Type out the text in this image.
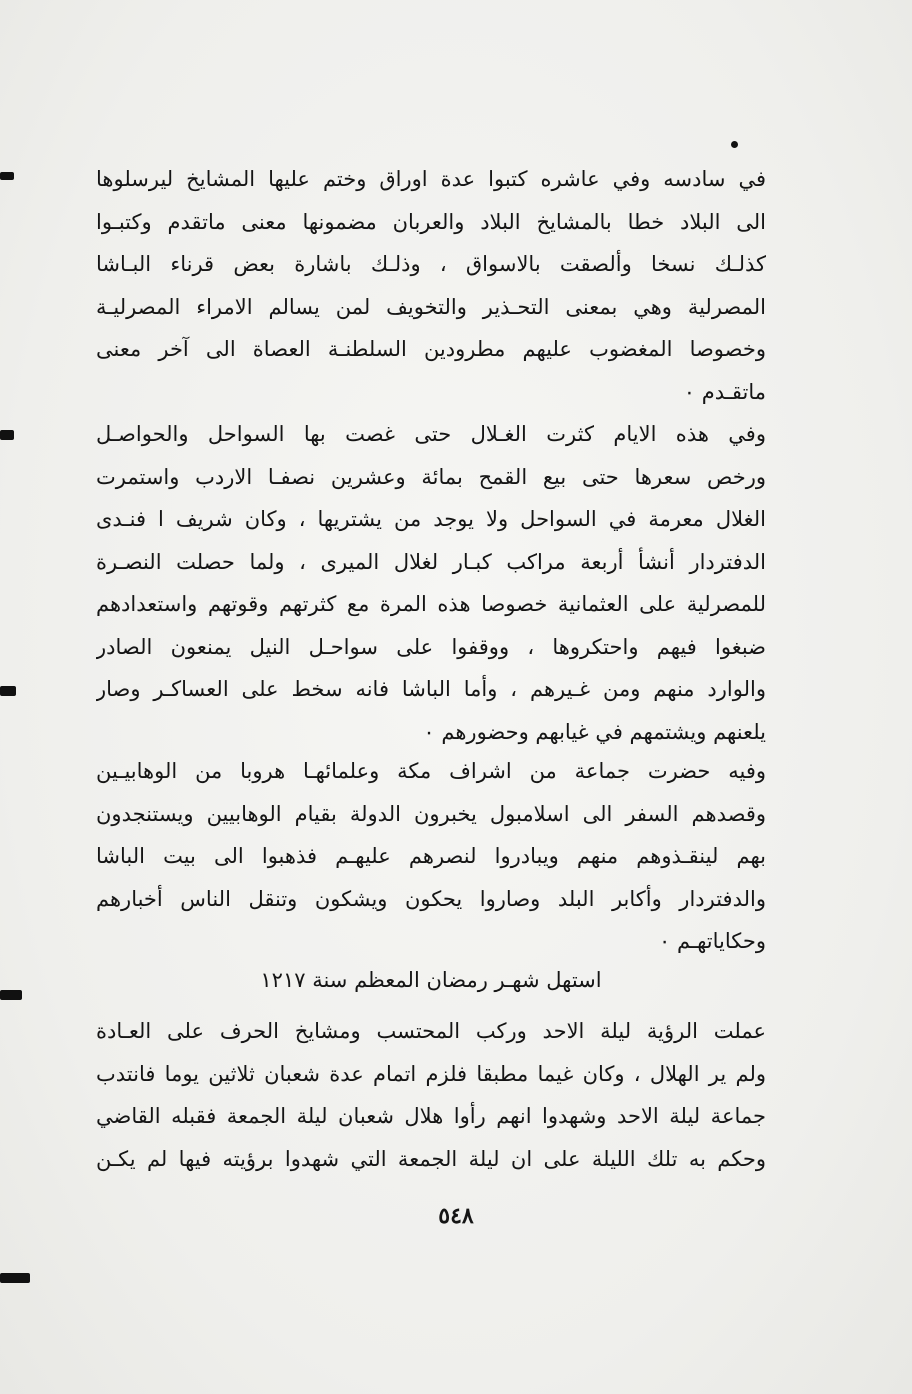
في سادسه وفي عاشره كتبوا عدة اوراق وختم عليها المشايخ ليرسلوها
الى البلاد خطا بالمشايخ البلاد والعربان مضمونها معنى ماتقدم وكتبـوا
كذلـك نسخا وألصقت بالاسواق ، وذلـك باشارة بعض قرناء البـاشا
المصرلية وهي بمعنى التحـذير والتخويف لمن يسالم الامراء المصرليـة
وخصوصا المغضوب عليهم مطرودين السلطنـة العصاة الى آخر معنى
ماتقـدم ٠
وفي هذه الايام كثرت الغـلال حتى غصت بها السواحل والحواصـل
ورخص سعرها حتى بيع القمح بمائة وعشرين نصفـا الاردب واستمرت
الغلال معرمة في السواحل ولا يوجد من يشتريها ، وكان شريف ا فنـدى
الدفتردار أنشأ أربعة مراكب كبـار لغلال الميرى ، ولما حصلت النصـرة
للمصرلية على العثمانية خصوصا هذه المرة مع كثرتهم وقوتهم واستعدادهم
ضبغوا فيهم واحتكروها ، ووقفوا على سواحـل النيل يمنعون الصادر
والوارد منهم ومن غـيرهم ، وأما الباشا فانه سخط على العساكـر وصار
يلعنهم ويشتمهم في غيابهم وحضورهم ٠
وفيه حضرت جماعة من اشراف مكة وعلمائهـا هروبا من الوهابيـين
وقصدهم السفر الى اسلامبول يخبرون الدولة بقيام الوهابيين ويستنجدون
بهم لينقـذوهم منهم ويبادروا لنصرهم عليهـم فذهبوا الى بيت الباشا
والدفتردار وأكابر البلد وصاروا يحكون ويشكون وتنقل الناس أخبارهم
وحكاياتهـم ٠
استهل شهـر رمضان المعظم سنة ١٢١٧
عملت الرؤية ليلة الاحد وركب المحتسب ومشايخ الحرف على العـادة
ولم ير الهلال ، وكان غيما مطبقا فلزم اتمام عدة شعبان ثلاثين يوما فانتدب
جماعة ليلة الاحد وشهدوا انهم رأوا هلال شعبان ليلة الجمعة فقبله القاضي
وحكم به تلك الليلة على ان ليلة الجمعة التي شهدوا برؤيته فيها لم يكـن
٥٤٨
